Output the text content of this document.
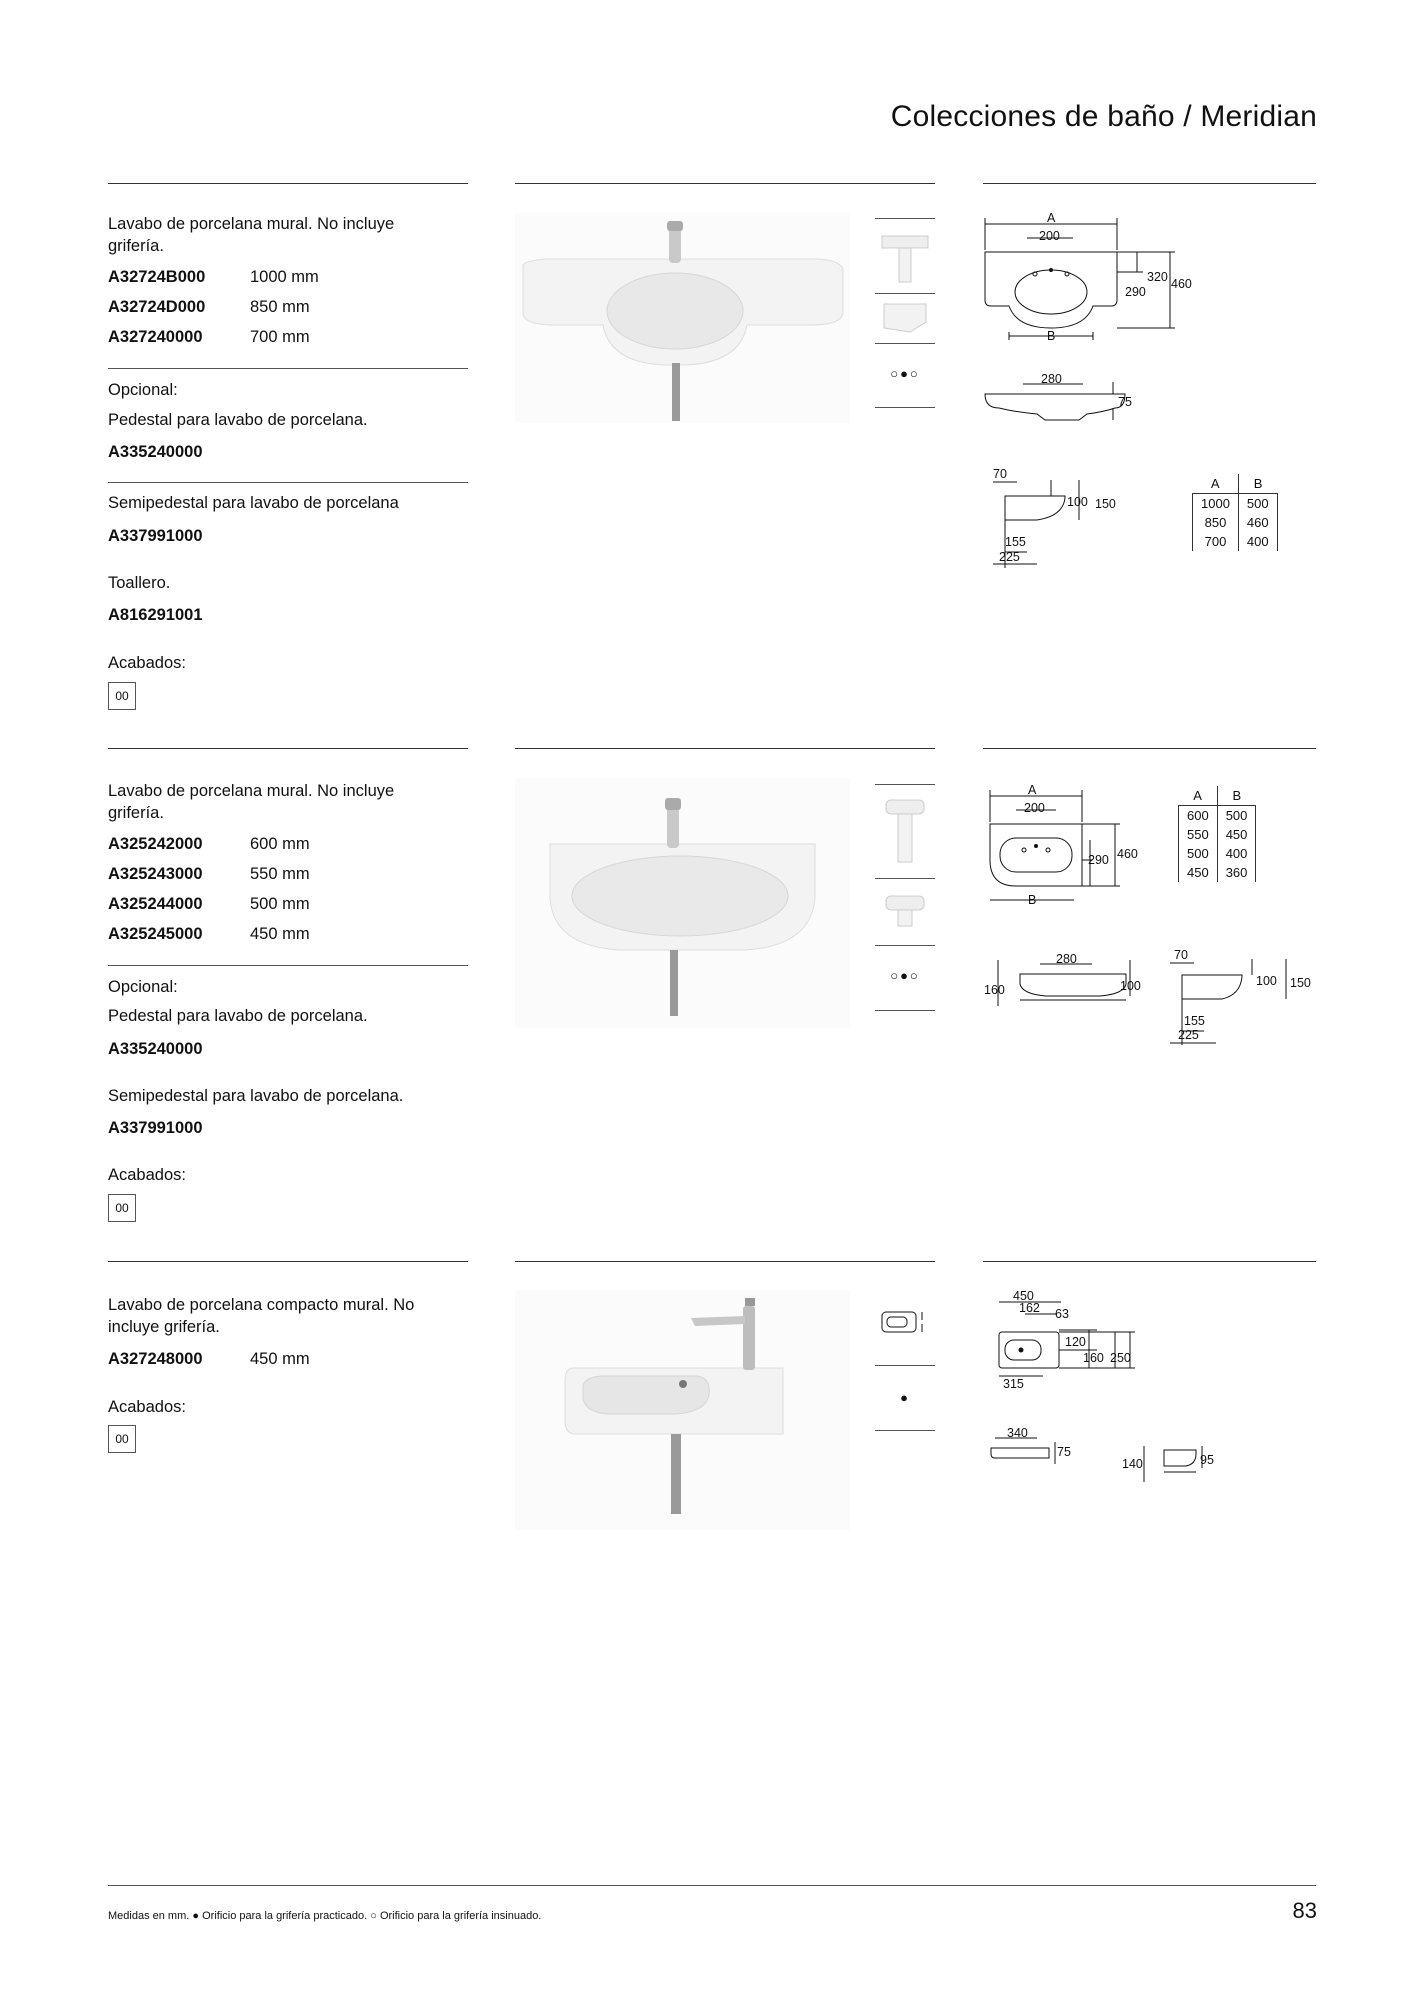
Colecciones de baño / Meridian
Lavabo de porcelana mural. No incluye grifería.
A32724B000	1000 mm
A32724D000	850 mm
A327240000	700 mm
Opcional:
Pedestal para lavabo de porcelana.
A335240000
Semipedestal para lavabo de porcelana
A337991000
Toallero.
A816291001
Acabados:
00
○●○
A
200
320
290
460
B
280
75
70
100 150
155
225
A	B
1000	500
850	460
700	400
Lavabo de porcelana mural. No incluye grifería.
A325242000	600 mm
A325243000	550 mm
A325244000	500 mm
A325245000	450 mm
Opcional:
Pedestal para lavabo de porcelana.
A335240000
Semipedestal para lavabo de porcelana.
A337991000
Acabados:
00
○●○
A
200
290 460
B
A	B
600	500
550	450
500	400
450	360
280
160	100
70
100 150
155
225
Lavabo de porcelana compacto mural. No incluye grifería.
A327248000	450 mm
Acabados:
00
●
450
162 63
120
160 250
315
340
75
140	95
Medidas en mm. ● Orificio para la grifería practicado. ○ Orificio para la grifería insinuado.	83
